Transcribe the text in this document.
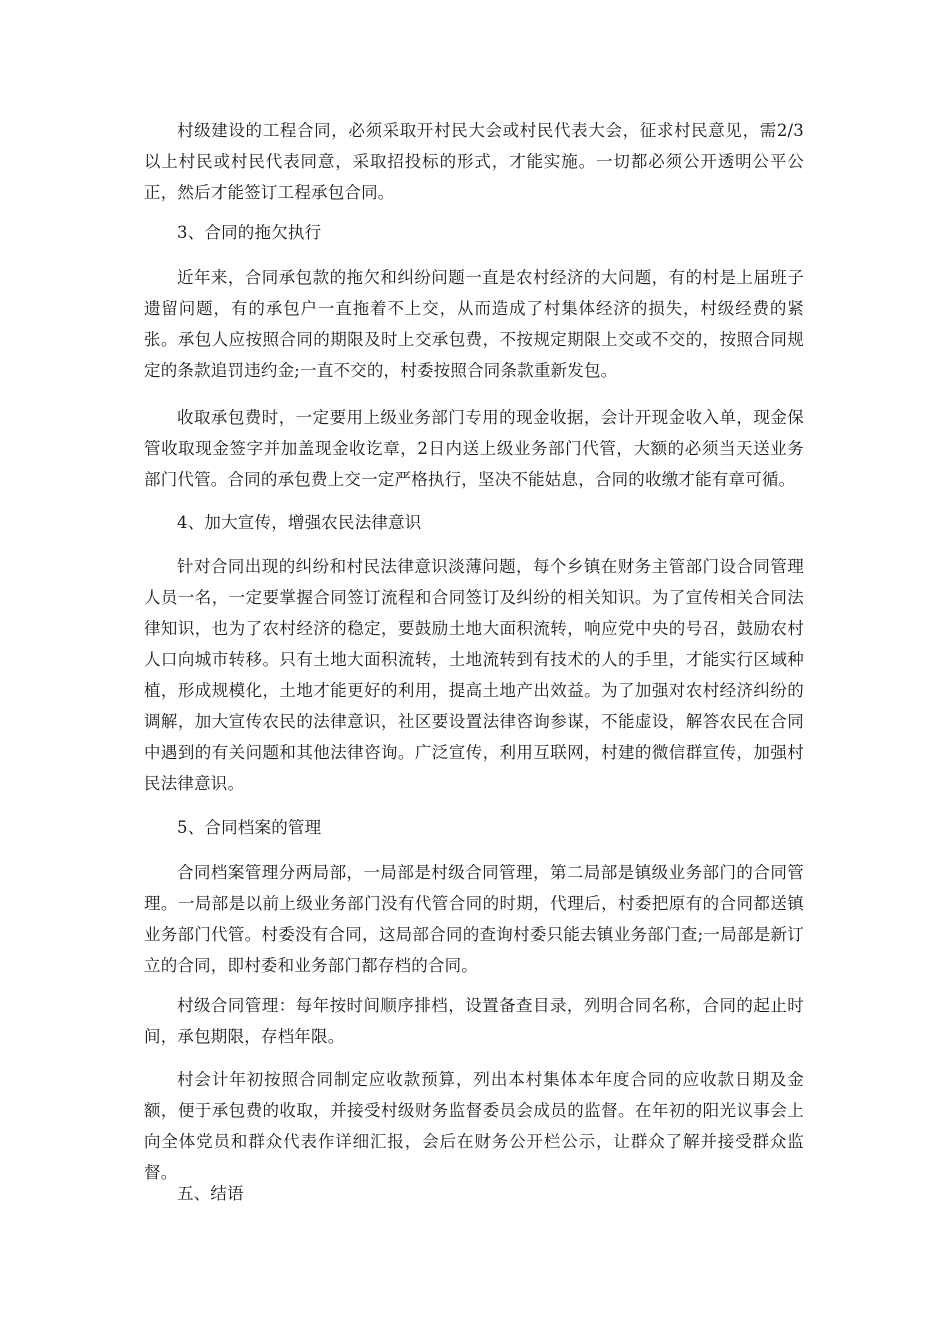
村级建设的工程合同，必须采取开村民大会或村民代表大会，征求村民意见，需2/3以上村民或村民代表同意，采取招投标的形式，才能实施。一切都必须公开透明公平公正，然后才能签订工程承包合同。

3、合同的拖欠执行

近年来，合同承包款的拖欠和纠纷问题一直是农村经济的大问题，有的村是上届班子遗留问题，有的承包户一直拖着不上交，从而造成了村集体经济的损失，村级经费的紧张。承包人应按照合同的期限及时上交承包费，不按规定期限上交或不交的，按照合同规定的条款追罚违约金;一直不交的，村委按照合同条款重新发包。

收取承包费时，一定要用上级业务部门专用的现金收据，会计开现金收入单，现金保管收取现金签字并加盖现金收讫章，2日内送上级业务部门代管，大额的必须当天送业务部门代管。合同的承包费上交一定严格执行，坚决不能姑息，合同的收缴才能有章可循。

4、加大宣传，增强农民法律意识

针对合同出现的纠纷和村民法律意识淡薄问题，每个乡镇在财务主管部门设合同管理人员一名，一定要掌握合同签订流程和合同签订及纠纷的相关知识。为了宣传相关合同法律知识，也为了农村经济的稳定，要鼓励土地大面积流转，响应党中央的号召，鼓励农村人口向城市转移。只有土地大面积流转，土地流转到有技术的人的手里，才能实行区域种植，形成规模化，土地才能更好的利用，提高土地产出效益。为了加强对农村经济纠纷的调解，加大宣传农民的法律意识，社区要设置法律咨询参谋，不能虚设，解答农民在合同中遇到的有关问题和其他法律咨询。广泛宣传，利用互联网，村建的微信群宣传，加强村民法律意识。

5、合同档案的管理

合同档案管理分两局部，一局部是村级合同管理，第二局部是镇级业务部门的合同管理。一局部是以前上级业务部门没有代管合同的时期，代理后，村委把原有的合同都送镇业务部门代管。村委没有合同，这局部合同的查询村委只能去镇业务部门查;一局部是新订立的合同，即村委和业务部门都存档的合同。

村级合同管理：每年按时间顺序排档，设置备查目录，列明合同名称，合同的起止时间，承包期限，存档年限。

村会计年初按照合同制定应收款预算，列出本村集体本年度合同的应收款日期及金额，便于承包费的收取，并接受村级财务监督委员会成员的监督。在年初的阳光议事会上向全体党员和群众代表作详细汇报，会后在财务公开栏公示，让群众了解并接受群众监督。

五、结语
